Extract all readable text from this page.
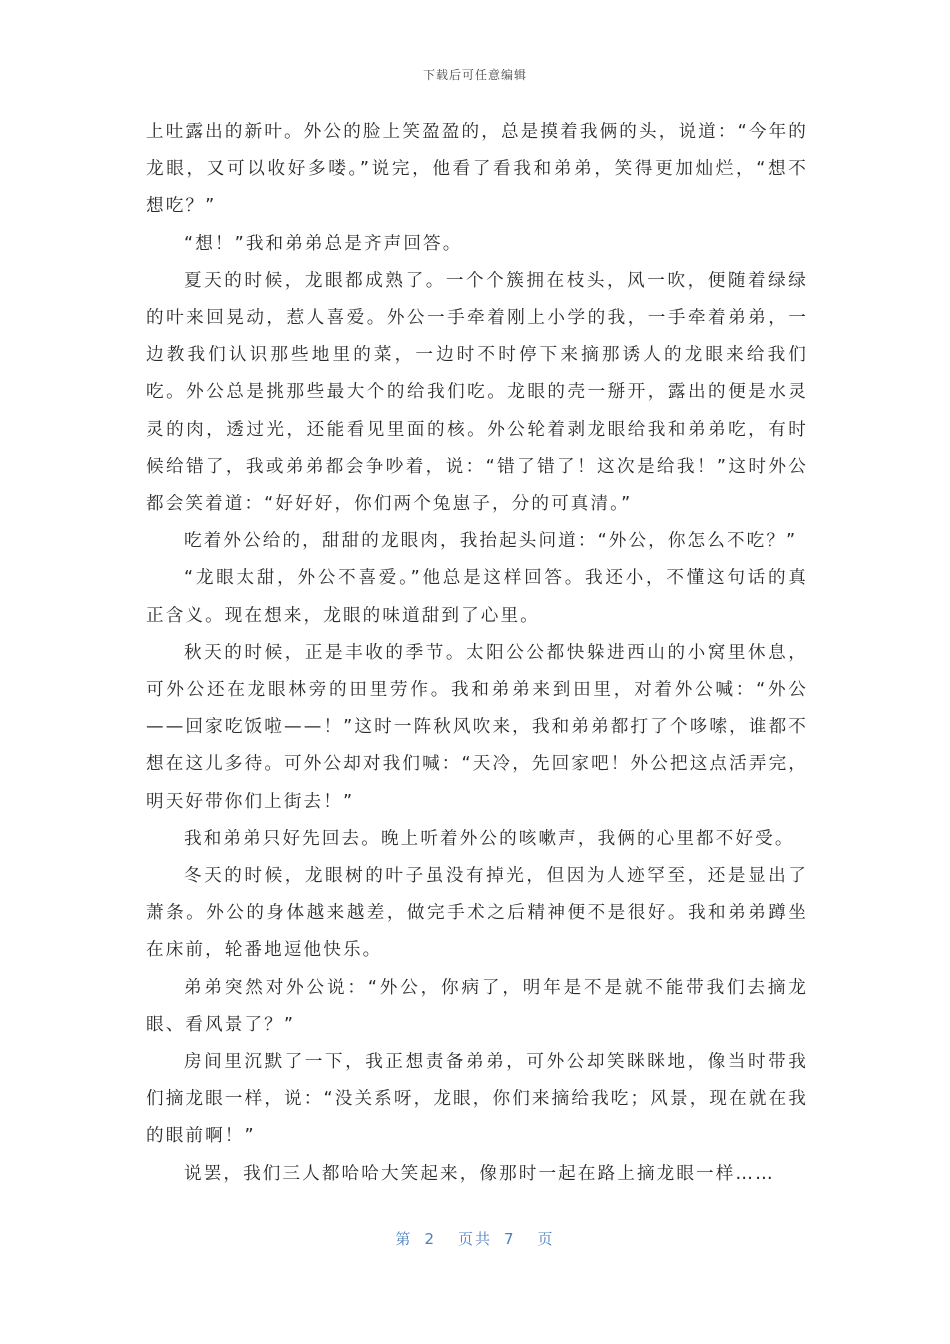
下载后可任意编辑

上吐露出的新叶。外公的脸上笑盈盈的，总是摸着我俩的头，说道：“今年的龙眼，又可以收好多喽。”说完，他看了看我和弟弟，笑得更加灿烂，“想不想吃？”

“想！”我和弟弟总是齐声回答。

夏天的时候，龙眼都成熟了。一个个簇拥在枝头，风一吹，便随着绿绿的叶来回晃动，惹人喜爱。外公一手牵着刚上小学的我，一手牵着弟弟，一边教我们认识那些地里的菜，一边时不时停下来摘那诱人的龙眼来给我们吃。外公总是挑那些最大个的给我们吃。龙眼的壳一掰开，露出的便是水灵灵的肉，透过光，还能看见里面的核。外公轮着剥龙眼给我和弟弟吃，有时候给错了，我或弟弟都会争吵着，说：“错了错了！这次是给我！”这时外公都会笑着道：“好好好，你们两个兔崽子，分的可真清。”

吃着外公给的，甜甜的龙眼肉，我抬起头问道：“外公，你怎么不吃？”

“龙眼太甜，外公不喜爱。”他总是这样回答。我还小，不懂这句话的真正含义。现在想来，龙眼的味道甜到了心里。

秋天的时候，正是丰收的季节。太阳公公都快躲进西山的小窝里休息，可外公还在龙眼林旁的田里劳作。我和弟弟来到田里，对着外公喊：“外公——回家吃饭啦——！”这时一阵秋风吹来，我和弟弟都打了个哆嗦，谁都不想在这儿多待。可外公却对我们喊：“天冷，先回家吧！外公把这点活弄完，明天好带你们上街去！”

我和弟弟只好先回去。晚上听着外公的咳嗽声，我俩的心里都不好受。

冬天的时候，龙眼树的叶子虽没有掉光，但因为人迹罕至，还是显出了萧条。外公的身体越来越差，做完手术之后精神便不是很好。我和弟弟蹲坐在床前，轮番地逗他快乐。

弟弟突然对外公说：“外公，你病了，明年是不是就不能带我们去摘龙眼、看风景了？”

房间里沉默了一下，我正想责备弟弟，可外公却笑眯眯地，像当时带我们摘龙眼一样，说：“没关系呀，龙眼，你们来摘给我吃；风景，现在就在我的眼前啊！”

说罢，我们三人都哈哈大笑起来，像那时一起在路上摘龙眼一样……

第 2 页共 7 页
